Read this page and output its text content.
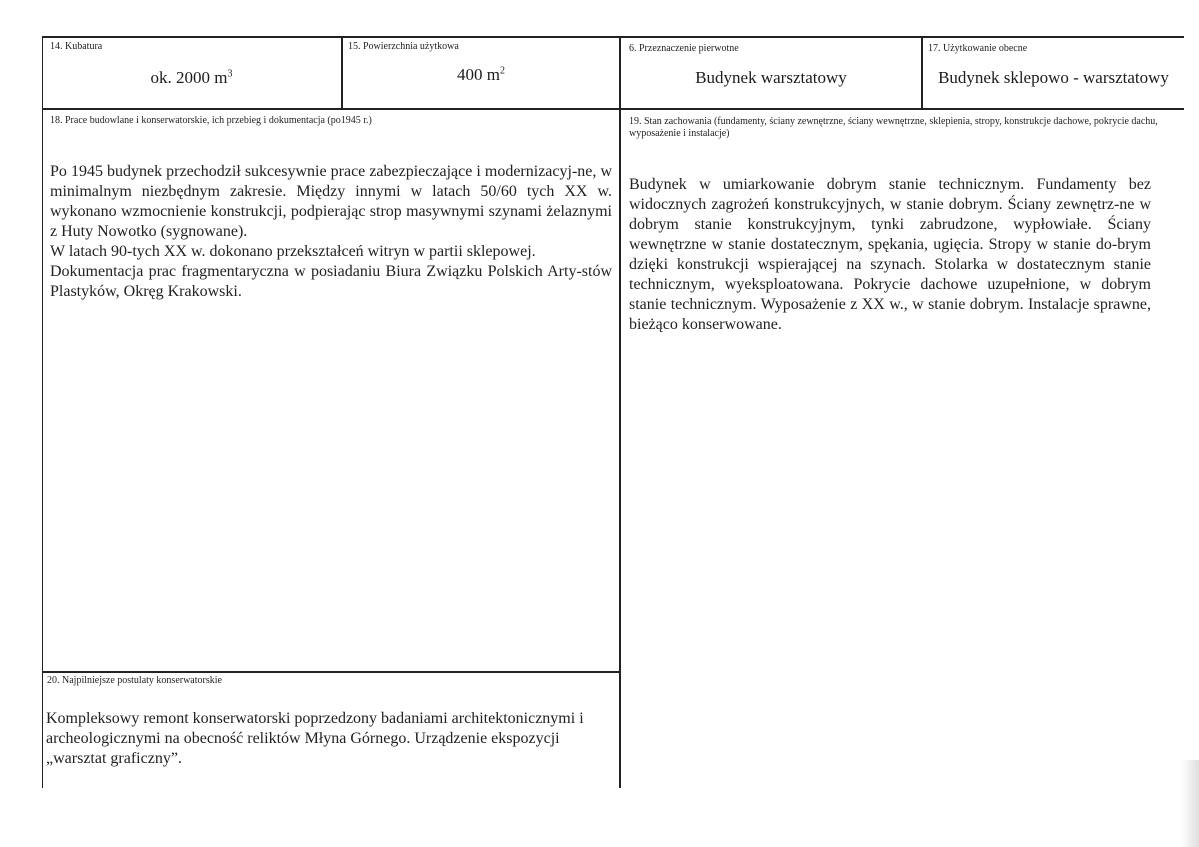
14. Kubatura
ok. 2000 $m^3$
15. Powierzchnia użytkowa
400 $m^2$
6. Przeznaczenie pierwotne
Budynek warsztatowy
17. Użytkowanie obecne
Budynek sklepowo - warsztatowy
18. Prace budowlane i konserwatorskie, ich przebieg i dokumentacja (po1945 r.)

Po 1945 budynek przechodził sukcesywnie prace zabezpieczające i modernizacyj-ne, w minimalnym niezbędnym zakresie. Między innymi w latach 50/60 tych XX w. wykonano wzmocnienie konstrukcji, podpierając strop masywnymi szynami żelaznymi z Huty Nowotko (sygnowane).

W latach 90-tych XX w. dokonano przekształceń witryn w partii sklepowej.

Dokumentacja prac fragmentaryczna w posiadaniu Biura Związku Polskich Arty-stów Plastyków, Okręg Krakowski.

19. Stan zachowania (fundamenty, ściany zewnętrzne, ściany wewnętrzne, sklepienia, stropy, konstrukcje dachowe, pokrycie dachu, wyposażenie i instalacje)
Budynek w umiarkowanie dobrym stanie technicznym. Fundamenty bez widocznych zagrożeń konstrukcyjnych, w stanie dobrym. Ściany zewnętrz-ne w dobrym stanie konstrukcyjnym, tynki zabrudzone, wypłowiałe. Ściany wewnętrzne w stanie dostatecznym, spękania, ugięcia. Stropy w stanie do-brym dzięki konstrukcji wspierającej na szynach. Stolarka w dostatecznym stanie technicznym, wyeksploatowana. Pokrycie dachowe uzupełnione, w dobrym stanie technicznym. Wyposażenie z XX w., w stanie dobrym. Instalacje sprawne, bieżąco konserwowane.
20. Najpilniejsze postulaty konserwatorskie
Kompleksowy remont konserwatorski poprzedzony badaniami architektonicznymi i archeologicznymi na obecność reliktów Młyna Górnego. Urządzenie ekspozycji „warsztat graficzny”.
